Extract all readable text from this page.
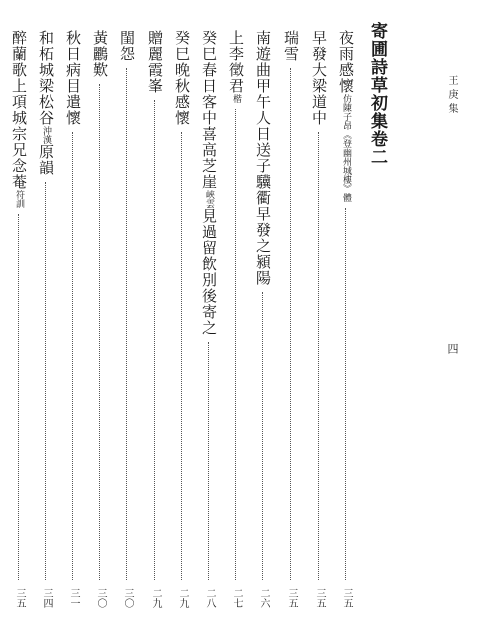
王庚集
四
寄圃詩草初集卷二
夜雨感懷仿陳子昂《登幽州城樓》體
三五
早發大梁道中
三五
瑞雪
三五
南遊曲甲午人日送子驥衢早發之潁陽
二六
上李徵君楷
二七
癸巳春日客中喜高芝崖峽雲見過留飲別後寄之
二八
癸巳晚秋感懷
二九
贈麗霞峯
二九
閨怨
三〇
黃鸝歎
三〇
秋日病目遣懷
三一
和柘城梁松谷沖漢原韻
三四
醉蘭歌上項城宗兄念菴符訓
三五
